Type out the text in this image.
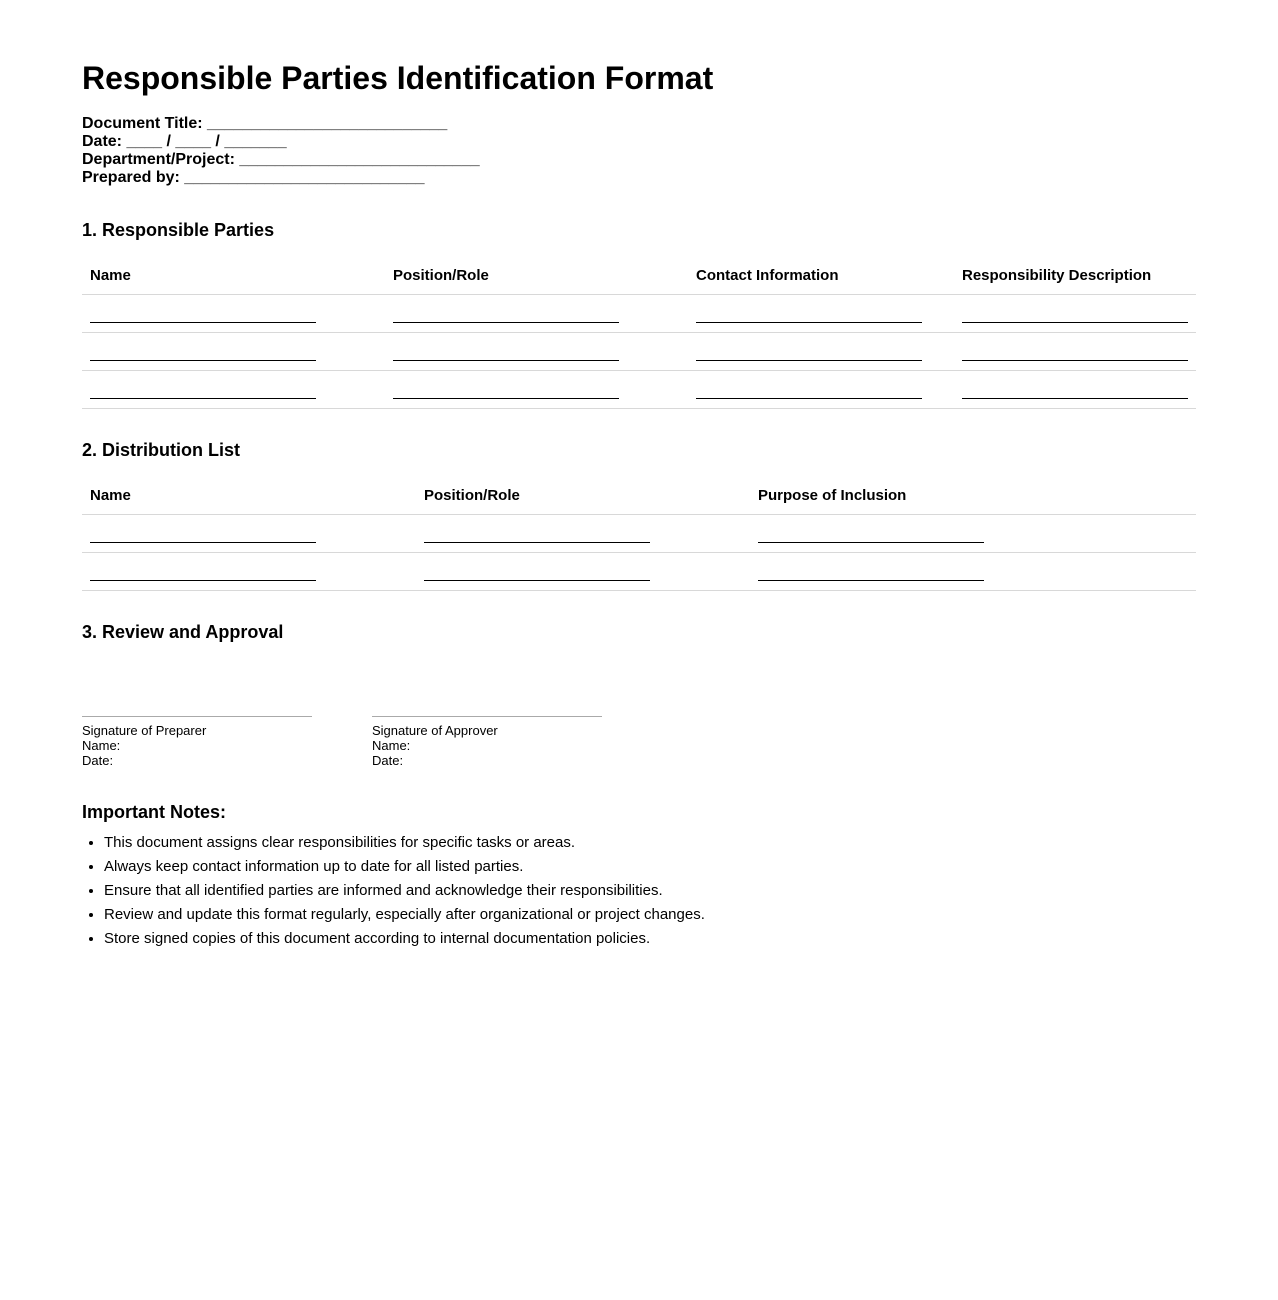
Responsible Parties Identification Format
Document Title: ___________________________
Date: ____ / ____ / _______
Department/Project: ___________________________
Prepared by: ___________________________
1. Responsible Parties
Name	Position/Role	Contact Information	Responsibility Description

2. Distribution List
Name	Position/Role	Purpose of Inclusion

3. Review and Approval
Signature of Preparer
Name:
Date:
Signature of Approver
Name:
Date:
Important Notes:
• This document assigns clear responsibilities for specific tasks or areas.
• Always keep contact information up to date for all listed parties.
• Ensure that all identified parties are informed and acknowledge their responsibilities.
• Review and update this format regularly, especially after organizational or project changes.
• Store signed copies of this document according to internal documentation policies.
